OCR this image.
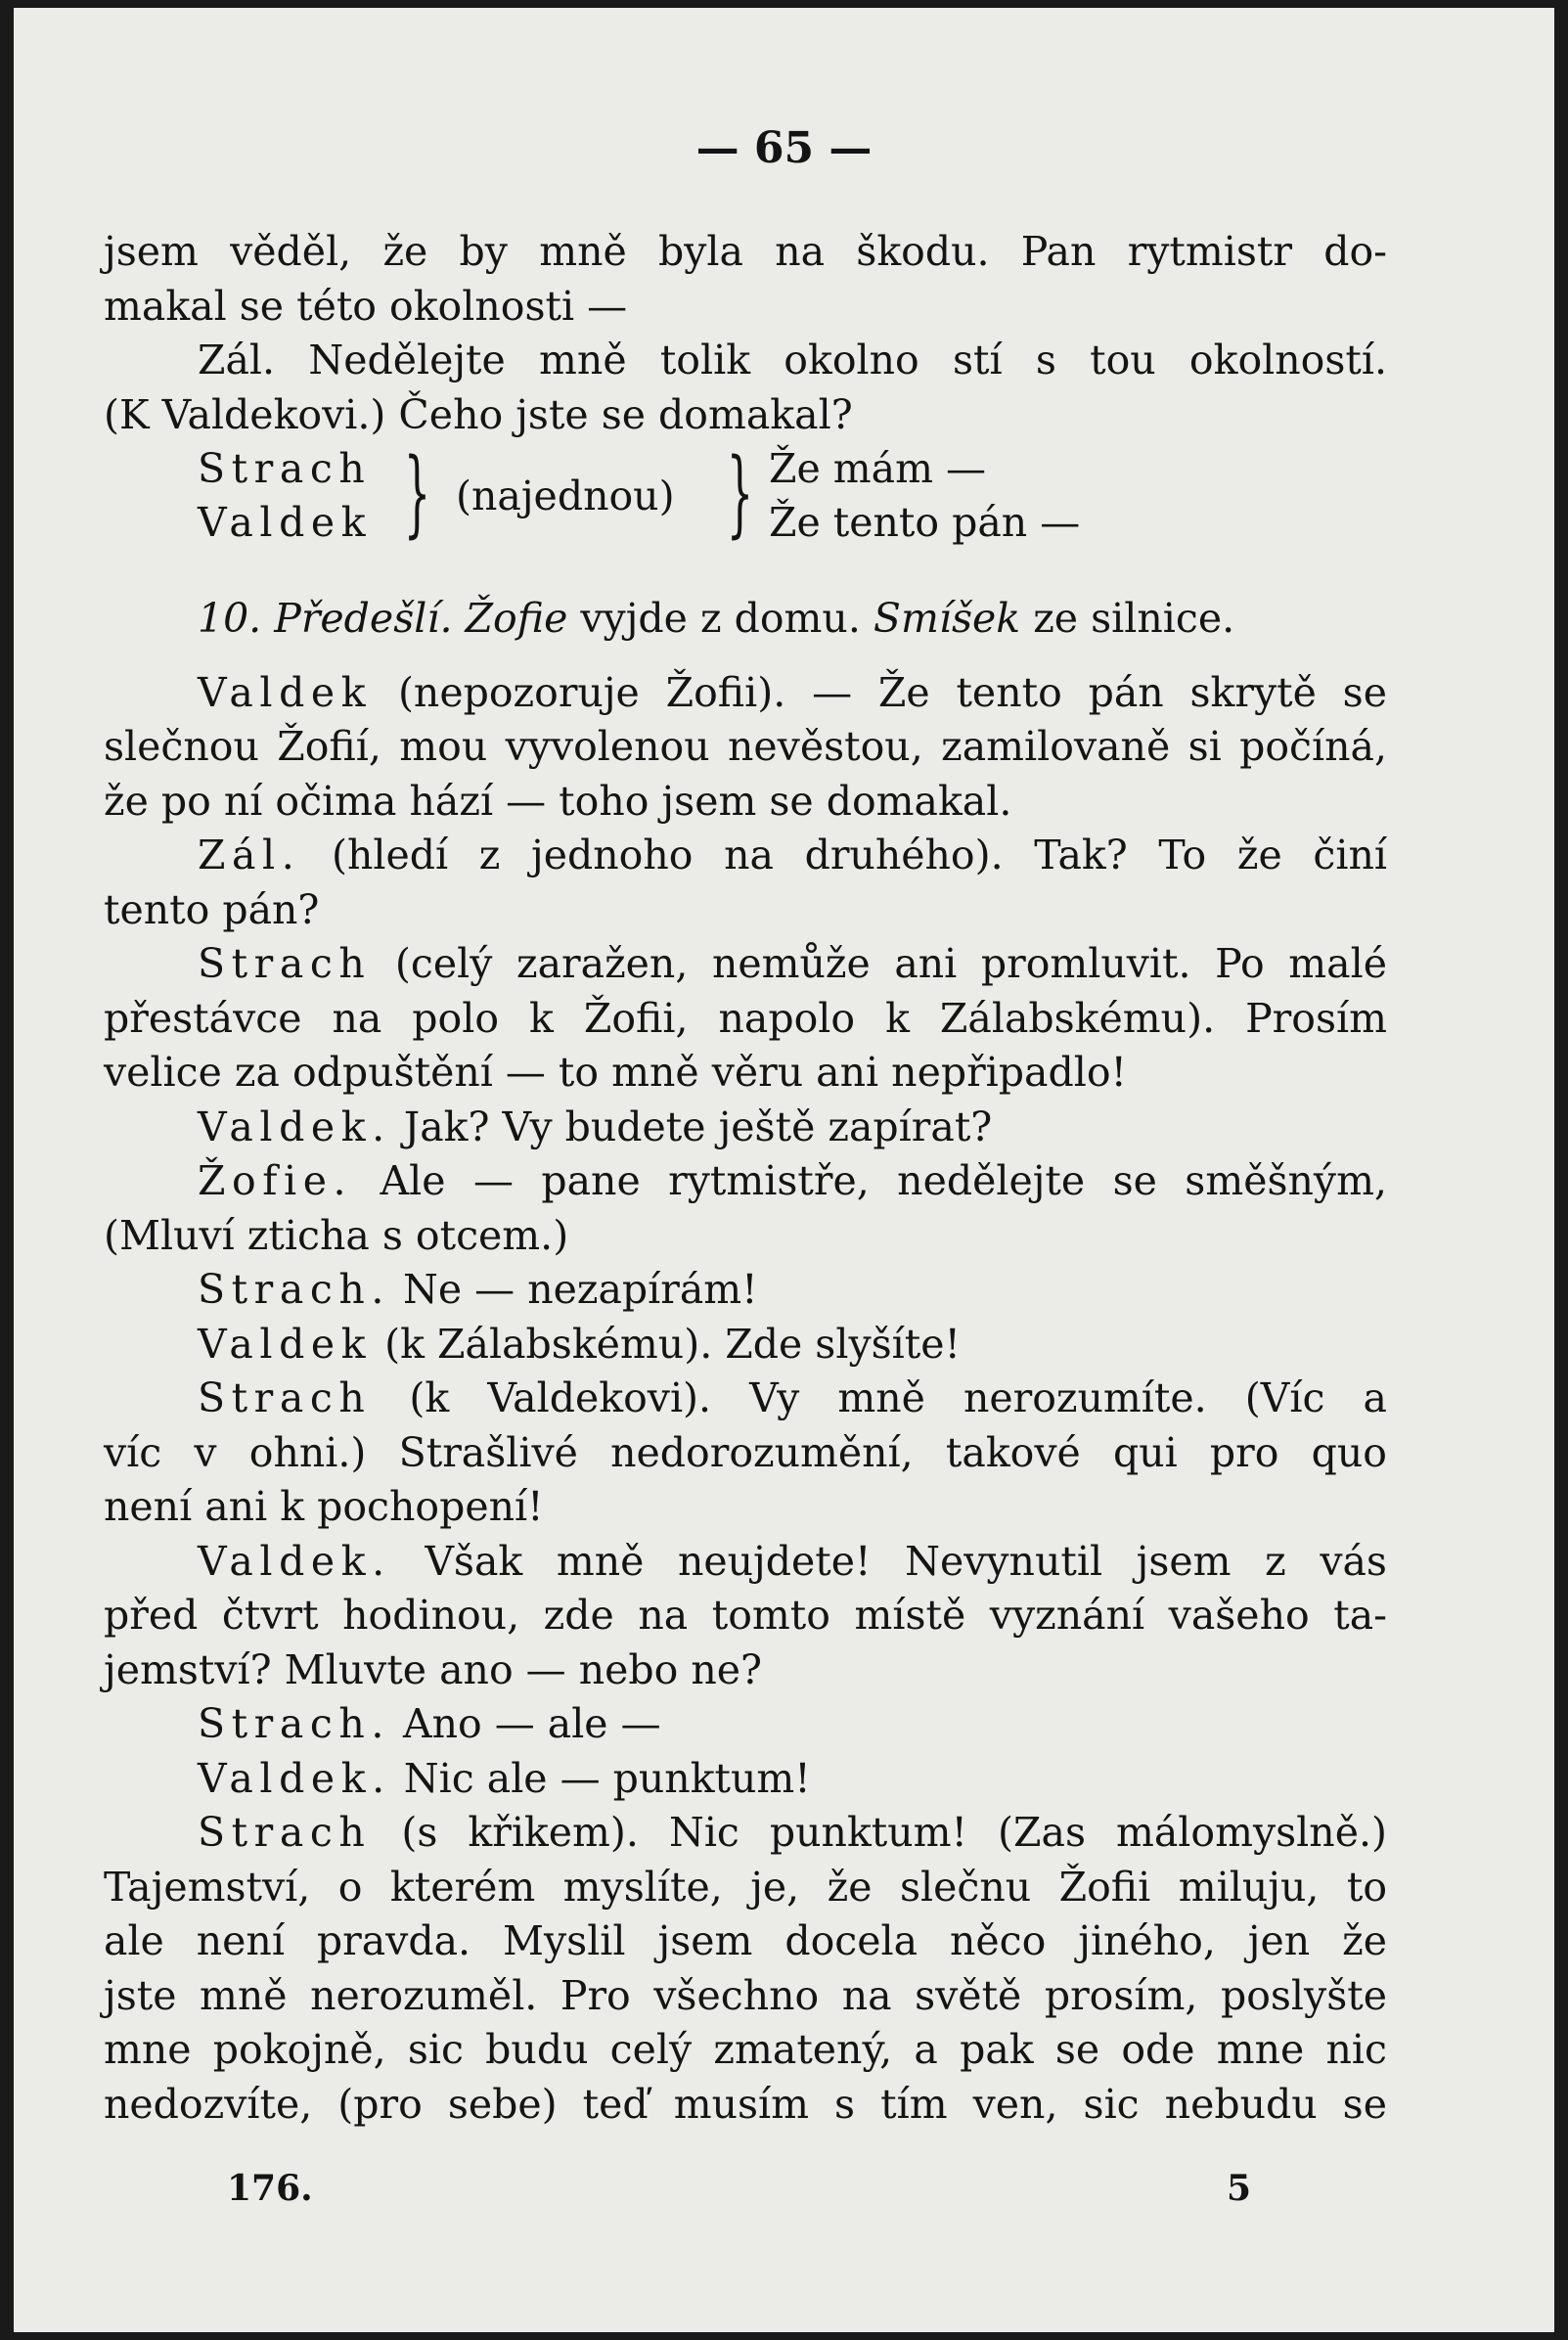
— 65 —
jsem věděl, že by mně byla na škodu. Pan rytmistr do-
makal se této okolnosti —
Zál. Nedělejte mně tolik okolno stí s tou okolností.
(K Valdekovi.) Čeho jste se domakal?
Strach
Valdek } (najednou) } Že mám —
Že tento pán —
10. Předešlí. Žofie vyjde z domu. Smíšek ze silnice.
Valdek (nepozoruje Žofii). — Že tento pán skrytě se
slečnou Žofií, mou vyvolenou nevěstou, zamilovaně si počíná,
že po ní očima hází — toho jsem se domakal.
Zál. (hledí z jednoho na druhého). Tak? To že činí
tento pán?
Strach (celý zaražen, nemůže ani promluvit. Po malé
přestávce na polo k Žofii, napolo k Zálabskému). Prosím
velice za odpuštění — to mně věru ani nepřipadlo!
Valdek. Jak? Vy budete ještě zapírat?
Žofie. Ale — pane rytmistře, nedělejte se směšným,
(Mluví zticha s otcem.)
Strach. Ne — nezapírám!
Valdek (k Zálabskému). Zde slyšíte!
Strach (k Valdekovi). Vy mně nerozumíte. (Víc a
víc v ohni.) Strašlivé nedorozumění, takové qui pro quo
není ani k pochopení!
Valdek. Však mně neujdete! Nevynutil jsem z vás
před čtvrt hodinou, zde na tomto místě vyznání vašeho ta-
jemství? Mluvte ano — nebo ne?
Strach. Ano — ale —
Valdek. Nic ale — punktum!
Strach (s křikem). Nic punktum! (Zas málomyslně.)
Tajemství, o kterém myslíte, je, že slečnu Žofii miluju, to
ale není pravda. Myslil jsem docela něco jiného, jen že
jste mně nerozuměl. Pro všechno na světě prosím, poslyšte
mne pokojně, sic budu celý zmatený, a pak se ode mne nic
nedozvíte, (pro sebe) teď musím s tím ven, sic nebudu se
176.	5
